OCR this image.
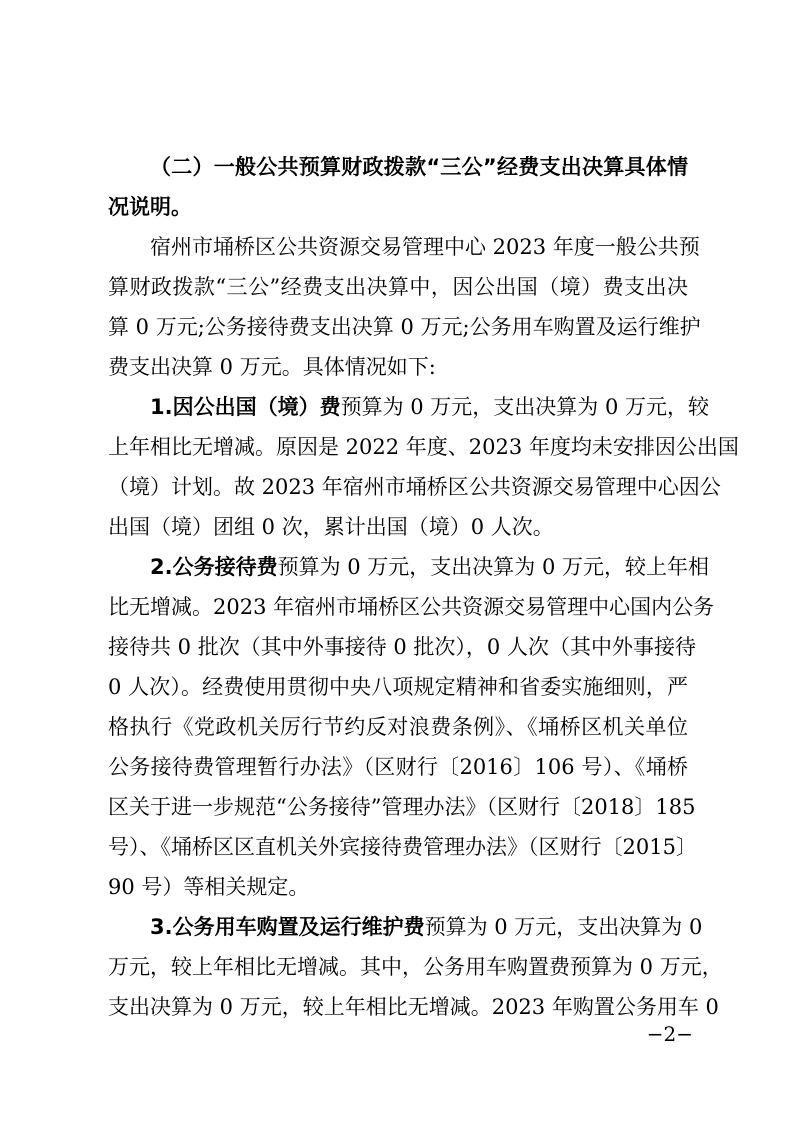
（二）一般公共预算财政拨款“三公”经费支出决算具体情
况说明。
宿州市埇桥区公共资源交易管理中心 2023 年度一般公共预
算财政拨款“三公”经费支出决算中，因公出国（境）费支出决
算 0 万元;公务接待费支出决算 0 万元;公务用车购置及运行维护
费支出决算 0 万元。具体情况如下:
1.因公出国（境）费预算为 0 万元，支出决算为 0 万元，较
上年相比无增减。原因是 2022 年度、2023 年度均未安排因公出国
（境）计划。故 2023 年宿州市埇桥区公共资源交易管理中心因公
出国（境）团组 0 次，累计出国（境）0 人次。
2.公务接待费预算为 0 万元，支出决算为 0 万元，较上年相
比无增减。2023 年宿州市埇桥区公共资源交易管理中心国内公务
接待共 0 批次（其中外事接待 0 批次），0 人次（其中外事接待
0 人次）。经费使用贯彻中央八项规定精神和省委实施细则，严
格执行《党政机关厉行节约反对浪费条例》、《埇桥区机关单位
公务接待费管理暂行办法》（区财行〔2016〕106 号）、《埇桥
区关于进一步规范“公务接待”管理办法》（区财行〔2018〕185
号）、《埇桥区区直机关外宾接待费管理办法》（区财行〔2015〕
90 号）等相关规定。
3.公务用车购置及运行维护费预算为 0 万元，支出决算为 0
万元，较上年相比无增减。其中，公务用车购置费预算为 0 万元，
支出决算为 0 万元，较上年相比无增减。2023 年购置公务用车 0
−2−
